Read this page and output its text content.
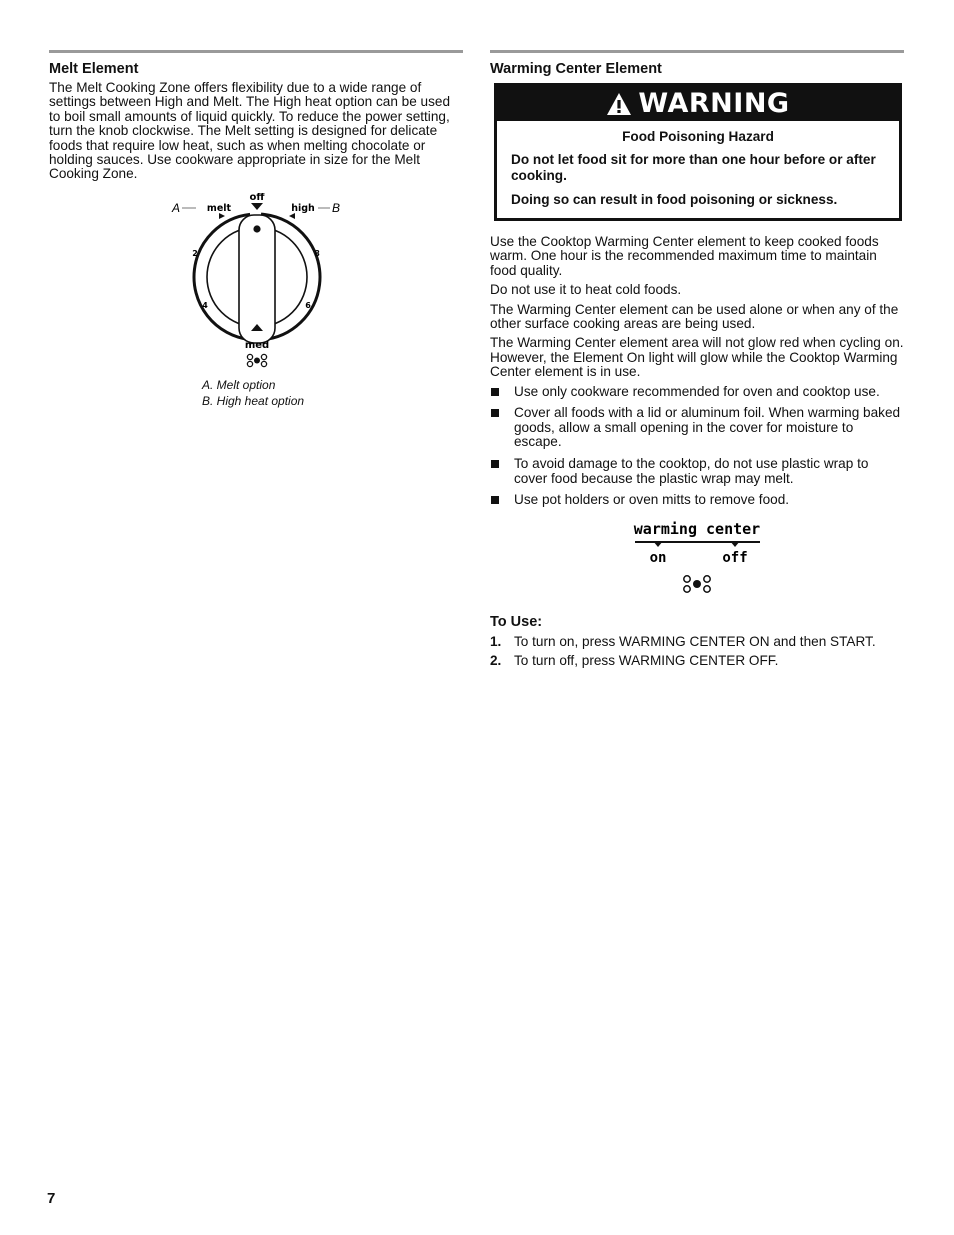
Melt Element

The Melt Cooking Zone offers flexibility due to a wide range of settings between High and Melt. The High heat option can be used to boil small amounts of liquid quickly. To reduce the power setting, turn the knob clockwise. The Melt setting is designed for delicate foods that require low heat, such as when melting chocolate or holding sauces. Use cookware appropriate in size for the Melt Cooking Zone.

off
melt	high
med
2
4	6
8
A	B
A. Melt option
B. High heat option
Warming Center Element
WARNING
Food Poisoning Hazard
Do not let food sit for more than one hour before or after cooking.
Doing so can result in food poisoning or sickness.

Use the Cooktop Warming Center element to keep cooked foods warm. One hour is the recommended maximum time to maintain food quality.

Do not use it to heat cold foods.

The Warming Center element can be used alone or when any of the other surface cooking areas are being used.

The Warming Center element area will not glow red when cycling on. However, the Element On light will glow while the Cooktop Warming Center element is in use.

Use only cookware recommended for oven and cooktop use.
Cover all foods with a lid or aluminum foil. When warming baked goods, allow a small opening in the cover for moisture to escape.
To avoid damage to the cooktop, do not use plastic wrap to cover food because the plastic wrap may melt.
Use pot holders or oven mitts to remove food.
warming center
on	off
To Use:
1. To turn on, press WARMING CENTER ON and then START.
2. To turn off, press WARMING CENTER OFF.
7
